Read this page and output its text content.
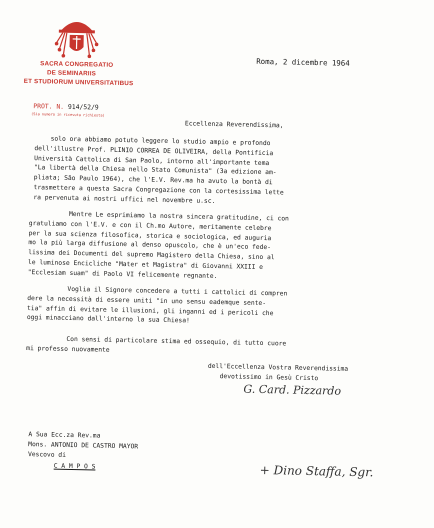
SACRA CONGREGATIO
DE SEMINARIIS
ET STUDIORUM UNIVERSITATIBUS
PROT. N. 914/52/9
(Sia numero in ricevuta richiesta)
Roma, 2 dicembre 1964
Eccellenza Reverendissima,
solo ora abbiamo potuto leggere lo studio ampio e profondo
dell'illustre Prof. PLINIO CORREA DE OLIVEIRA, della Pontificia
Università Cattolica di San Paolo, intorno all'importante tema
"La libertà della Chiesa nello Stato Comunista" (3a edizione am-
pliata; São Paulo 1964), che l'E.V. Rev.ma ha avuto la bontà di
trasmettere a questa Sacra Congregazione con la cortesissima lette
ra pervenuta ai nostri uffici nel novembre u.sc.
Mentre Le esprimiamo la nostra sincera gratitudine, ci con
gratuliamo con l'E.V. e con il Ch.mo Autore, meritamente celebre
per la sua scienza filosofica, storica e sociologica, ed auguria
mo la più larga diffusione al denso opuscolo, che è un'eco fede-
lissima dei Documenti del supremo Magistero della Chiesa, sino al
le luminose Encicliche "Mater et Magistra" di Giovanni XXIII e
"Ecclesiam suam" di Paolo VI felicemente regnante.
Voglia il Signore concedere a tutti i cattolici di compren
dere la necessità di essere uniti "in uno sensu eademque sente-
tia" affin di evitare le illusioni, gli inganni ed i pericoli che
oggi minacciano dall'interno la sua Chiesa!
Con sensi di particolare stima ed ossequio, di tutto cuore
mi professo nuovamente
dell'Eccellenza Vostra Reverendissima
devotissimo in Gesù Cristo
G. Card. Pizzardo
A Sua Ecc.za Rev.ma
Mons. ANTONIO DE CASTRO MAYOR
Vescovo di
C A M P O S	+ Dino Staffa, Sgr.
